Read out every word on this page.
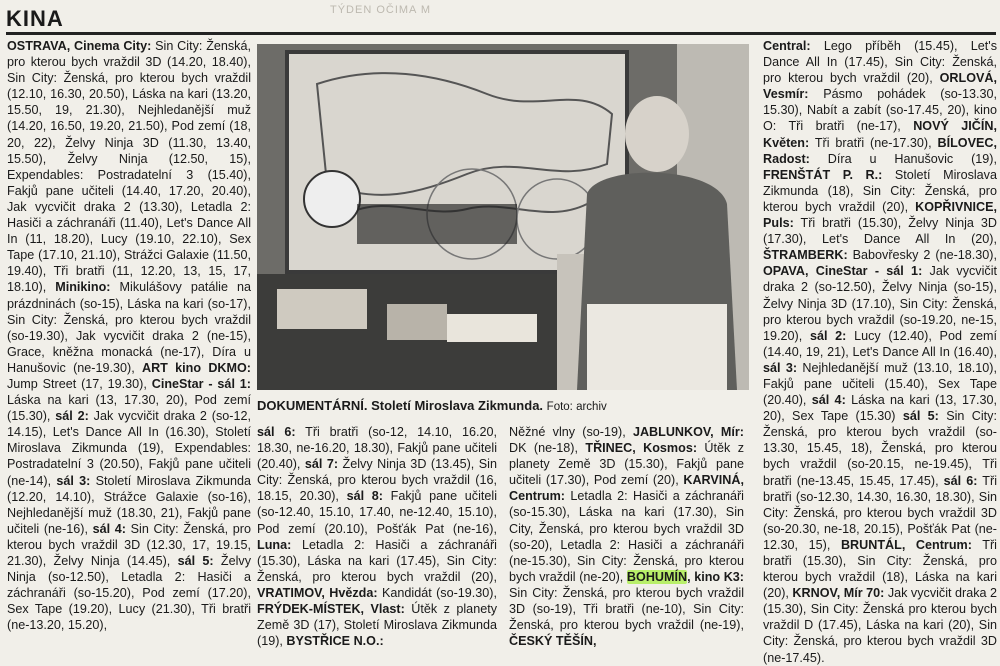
KINA	TÝDEN OČIMA M

OSTRAVA, Cinema City: Sin City: Ženská, pro kterou bych vraždil 3D (14.20, 18.40), Sin City: Ženská, pro kterou bych vraždil (12.10, 16.30, 20.50), Láska na kari (13.20, 15.50, 19, 21.30), Nejhledanější muž (14.20, 16.50, 19.20, 21.50), Pod zemí (18, 20, 22), Želvy Ninja 3D (11.30, 13.40, 15.50), Želvy Ninja (12.50, 15), Expendables: Postradatelní 3 (15.40), Fakjů pane učiteli (14.40, 17.20, 20.40), Jak vycvičit draka 2 (13.30), Letadla 2: Hasiči a záchranáři (11.40), Let's Dance All In (11, 18.20), Lucy (19.10, 22.10), Sex Tape (17.10, 21.10), Strážci Galaxie (11.50, 19.40), Tři bratři (11, 12.20, 13, 15, 17, 18.10), Minikino: Mikulášovy patálie na prázdninách (so-15), Láska na kari (so-17), Sin City: Ženská, pro kterou bych vraždil (so-19.30), Jak vycvičit draka 2 (ne-15), Grace, kněžna monacká (ne-17), Díra u Hanušovic (ne-19.30), ART kino DKMO: Jump Street (17, 19.30), CineStar - sál 1: Láska na kari (13, 17.30, 20), Pod zemí (15.30), sál 2: Jak vycvičit draka 2 (so-12, 14.15), Let's Dance All In (16.30), Století Miroslava Zikmunda (19), Expendables: Postradatelní 3 (20.50), Fakjů pane učiteli (ne-14), sál 3: Století Miroslava Zikmunda (12.20, 14.10), Strážce Galaxie (so-16), Nejhledanější muž (18.30, 21), Fakjů pane učiteli (ne-16), sál 4: Sin City: Ženská, pro kterou bych vraždil 3D (12.30, 17, 19.15, 21.30), Želvy Ninja (14.45), sál 5: Želvy Ninja (so-12.50), Letadla 2: Hasiči a záchranáři (so-15.20), Pod zemí (17.20), Sex Tape (19.20), Lucy (21.30), Tři bratři (ne-13.20, 15.20),

DOKUMENTÁRNÍ. Století Miroslava Zikmunda. Foto: archiv

sál 6: Tři bratři (so-12, 14.10, 16.20, 18.30, ne-16.20, 18.30), Fakjů pane učiteli (20.40), sál 7: Želvy Ninja 3D (13.45), Sin City: Ženská, pro kterou bych vraždil (16, 18.15, 20.30), sál 8: Fakjů pane učiteli (so-12.40, 15.10, 17.40, ne-12.40, 15.10), Pod zemí (20.10), Pošťák Pat (ne-16), Luna: Letadla 2: Hasiči a záchranáři (15.30), Láska na kari (17.45), Sin City: Ženská, pro kterou bych vraždil (20), VRATIMOV, Hvězda: Kandidát (so-19.30), FRÝDEK-MÍSTEK, Vlast: Útěk z planety Země 3D (17), Století Miroslava Zikmunda (19), BYSTŘICE N.O.:

Něžné vlny (so-19), JABLUNKOV, Mír: DK (ne-18), TŘINEC, Kosmos: Útěk z planety Země 3D (15.30), Fakjů pane učiteli (17.30), Pod zemí (20), KARVINÁ, Centrum: Letadla 2: Hasiči a záchranáři (so-15.30), Láska na kari (17.30), Sin City, Ženská, pro kterou bych vraždil 3D (so-20), Letadla 2: Hasiči a záchranáři (ne-15.30), Sin City: Ženská, pro kterou bych vraždil (ne-20), BOHUMÍN, kino K3: Sin City: Ženská, pro kterou bych vraždil 3D (so-19), Tři bratři (ne-10), Sin City: Ženská, pro kterou bych vraždil (ne-19), ČESKÝ TĚŠÍN,

Central: Lego příběh (15.45), Let's Dance All In (17.45), Sin City: Ženská, pro kterou bych vraždil (20), ORLOVÁ, Vesmír: Pásmo pohádek (so-13.30, 15.30), Nabít a zabít (so-17.45, 20), kino O: Tři bratři (ne-17), NOVÝ JIČÍN, Květen: Tři bratři (ne-17.30), BÍLOVEC, Radost: Díra u Hanušovic (19), FRENŠTÁT P. R.: Století Miroslava Zikmunda (18), Sin City: Ženská, pro kterou bych vraždil (20), KOPŘIVNICE, Puls: Tři bratři (15.30), Želvy Ninja 3D (17.30), Let's Dance All In (20), ŠTRAMBERK: Babovřesky 2 (ne-18.30), OPAVA, CineStar - sál 1: Jak vycvičit draka 2 (so-12.50), Želvy Ninja (so-15), Želvy Ninja 3D (17.10), Sin City: Ženská, pro kterou bych vraždil (so-19.20, ne-15, 19.20), sál 2: Lucy (12.40), Pod zemí (14.40, 19, 21), Let's Dance All In (16.40), sál 3: Nejhledanější muž (13.10, 18.10), Fakjů pane učiteli (15.40), Sex Tape (20.40), sál 4: Láska na kari (13, 17.30, 20), Sex Tape (15.30) sál 5: Sin City: Ženská, pro kterou bych vraždil (so-13.30, 15.45, 18), Ženská, pro kterou bych vraždil (so-20.15, ne-19.45), Tři bratři (ne-13.45, 15.45, 17.45), sál 6: Tři bratři (so-12.30, 14.30, 16.30, 18.30), Sin City: Ženská, pro kterou bych vraždil 3D (so-20.30, ne-18, 20.15), Pošťák Pat (ne-12.30, 15), BRUNTÁL, Centrum: Tři bratři (15.30), Sin City: Ženská, pro kterou bych vraždil (18), Láska na kari (20), KRNOV, Mír 70: Jak vycvičit draka 2 (15.30), Sin City: Ženská pro kterou bych vraždil D (17.45), Láska na kari (20), Sin City: Ženská, pro kterou bych vraždil 3D (ne-17.45).
